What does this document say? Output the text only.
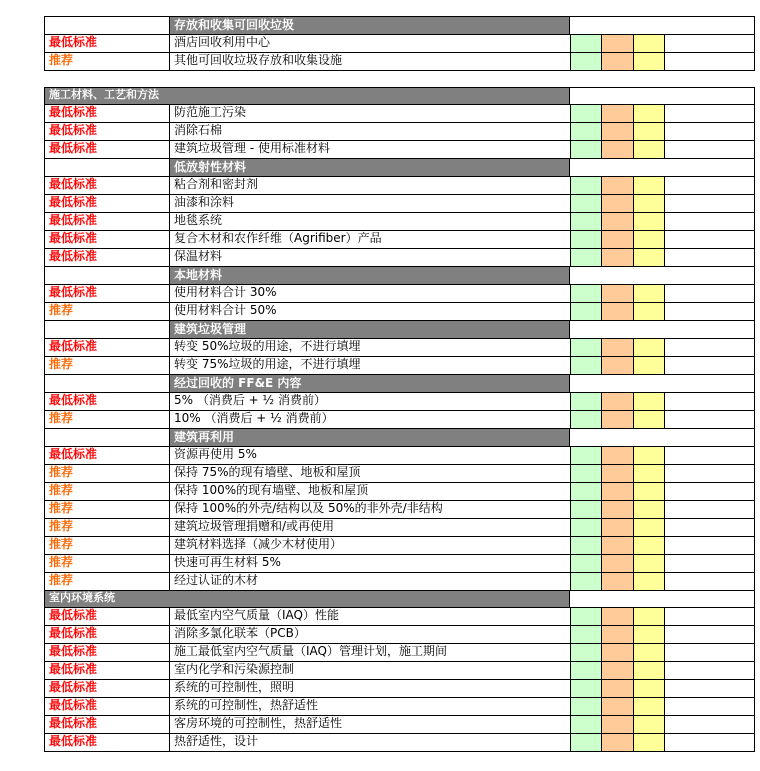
存放和收集可回收垃圾
最低标准	酒店回收利用中心
推荐	其他可回收垃圾存放和收集设施
施工材料、工艺和方法
最低标准	防范施工污染
最低标准	消除石棉
最低标准	建筑垃圾管理 - 使用标准材料
低放射性材料
最低标准	粘合剂和密封剂
最低标准	油漆和涂料
最低标准	地毯系统
最低标准	复合木材和农作纤维（Agrifiber）产品
最低标准	保温材料
本地材料
最低标准	使用材料合计 30%
推荐	使用材料合计 50%
建筑垃圾管理
最低标准	转变 50%垃圾的用途，不进行填埋
推荐	转变 75%垃圾的用途，不进行填埋
经过回收的 FF&E 内容
最低标准	5% （消费后 + ½ 消费前）
推荐	10% （消费后 + ½ 消费前）
建筑再利用
最低标准	资源再使用 5%
推荐	保持 75%的现有墙壁、地板和屋顶
推荐	保持 100%的现有墙壁、地板和屋顶
推荐	保持 100%的外壳/结构以及 50%的非外壳/非结构
推荐	建筑垃圾管理捐赠和/或再使用
推荐	建筑材料选择（减少木材使用）
推荐	快速可再生材料 5%
推荐	经过认证的木材
室内环境系统
最低标准	最低室内空气质量（IAQ）性能
最低标准	消除多氯化联苯（PCB）
最低标准	施工最低室内空气质量（IAQ）管理计划，施工期间
最低标准	室内化学和污染源控制
最低标准	系统的可控制性，照明
最低标准	系统的可控制性，热舒适性
最低标准	客房环境的可控制性，热舒适性
最低标准	热舒适性，设计
